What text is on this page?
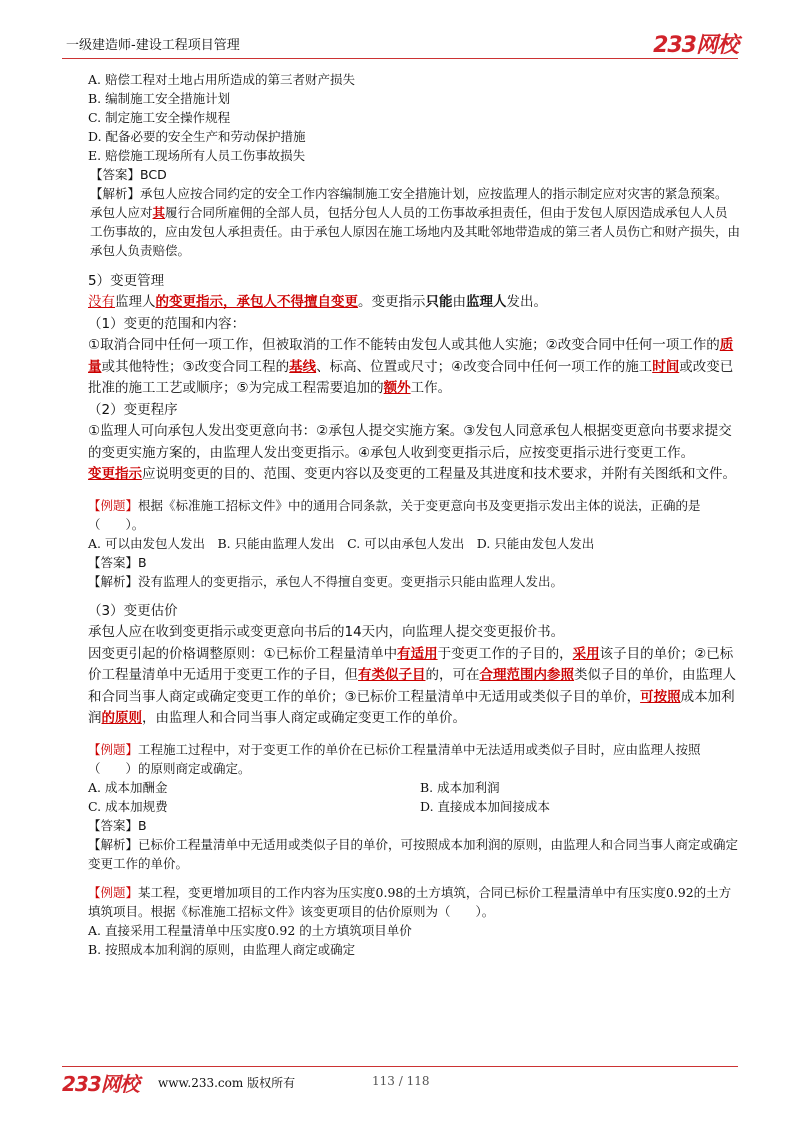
一级建造师-建设工程项目管理	233网校
A. 赔偿工程对土地占用所造成的第三者财产损失
B. 编制施工安全措施计划
C. 制定施工安全操作规程
D. 配备必要的安全生产和劳动保护措施
E. 赔偿施工现场所有人员工伤事故损失
【答案】BCD
【解析】承包人应按合同约定的安全工作内容编制施工安全措施计划，应按监理人的指示制定应对灾害的紧急预案。承包人应对其履行合同所雇佣的全部人员，包括分包人人员的工伤事故承担责任，但由于发包人原因造成承包人人员工伤事故的，应由发包人承担责任。由于承包人原因在施工场地内及其毗邻地带造成的第三者人员伤亡和财产损失，由承包人负责赔偿。
5）变更管理
没有监理人的变更指示，承包人不得擅自变更。变更指示只能由监理人发出。
（1）变更的范围和内容：
①取消合同中任何一项工作，但被取消的工作不能转由发包人或其他人实施；②改变合同中任何一项工作的质量或其他特性；③改变合同工程的基线、标高、位置或尺寸；④改变合同中任何一项工作的施工时间或改变已批准的施工工艺或顺序；⑤为完成工程需要追加的额外工作。
（2）变更程序
①监理人可向承包人发出变更意向书：②承包人提交实施方案。③发包人同意承包人根据变更意向书要求提交的变更实施方案的，由监理人发出变更指示。④承包人收到变更指示后，应按变更指示进行变更工作。
变更指示应说明变更的目的、范围、变更内容以及变更的工程量及其进度和技术要求，并附有关图纸和文件。
【例题】根据《标准施工招标文件》中的通用合同条款，关于变更意向书及变更指示发出主体的说法，正确的是（　　）。
A. 可以由发包人发出　 B. 只能由监理人发出　 C. 可以由承包人发出　 D. 只能由发包人发出
【答案】B
【解析】没有监理人的变更指示，承包人不得擅自变更。变更指示只能由监理人发出。
（3）变更估价
承包人应在收到变更指示或变更意向书后的14天内，向监理人提交变更报价书。
因变更引起的价格调整原则：①已标价工程量清单中有适用于变更工作的子目的，采用该子目的单价；②已标价工程量清单中无适用于变更工作的子目，但有类似子目的，可在合理范围内参照类似子目的单价，由监理人和合同当事人商定或确定变更工作的单价；③已标价工程量清单中无适用或类似子目的单价，可按照成本加利润的原则，由监理人和合同当事人商定或确定变更工作的单价。
【例题】工程施工过程中，对于变更工作的单价在已标价工程量清单中无法适用或类似子目时，应由监理人按照（　　）的原则商定或确定。
A. 成本加酬金	B. 成本加利润
C. 成本加规费	D. 直接成本加间接成本
【答案】B
【解析】已标价工程量清单中无适用或类似子目的单价，可按照成本加利润的原则，由监理人和合同当事人商定或确定变更工作的单价。
【例题】某工程，变更增加项目的工作内容为压实度0.98的土方填筑，合同已标价工程量清单中有压实度0.92的土方填筑项目。根据《标准施工招标文件》该变更项目的估价原则为（　　）。
A. 直接采用工程量清单中压实度0.92 的土方填筑项目单价
B. 按照成本加利润的原则，由监理人商定或确定
233网校 www.233.com 版权所有	113 / 118
